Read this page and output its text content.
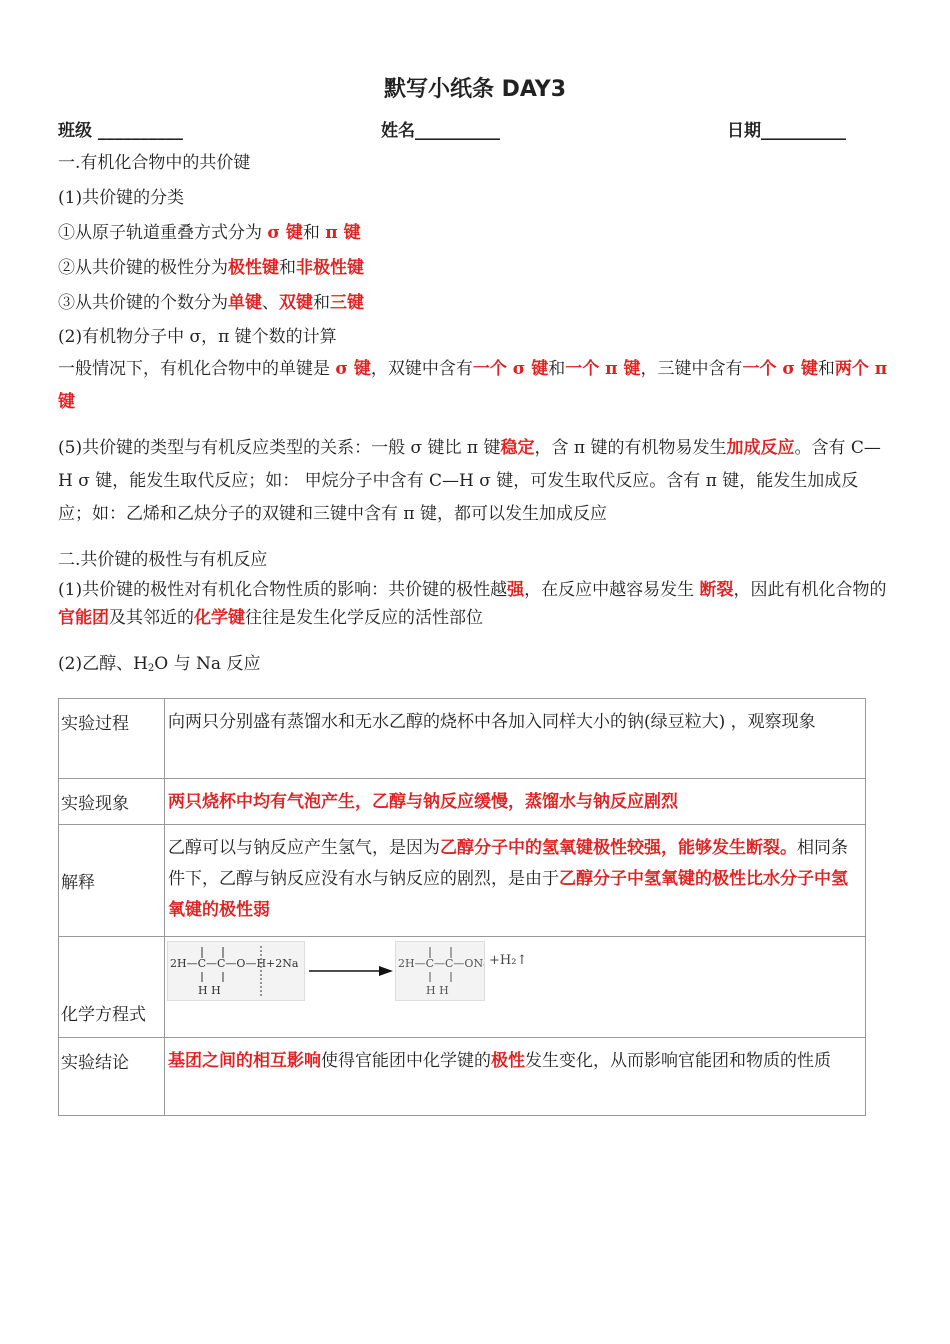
默写小纸条 DAY3
班级 __________	姓名__________	日期__________
一.有机化合物中的共价键
(1)共价键的分类
①从原子轨道重叠方式分为 σ 键和 π 键
②从共价键的极性分为极性键和非极性键
③从共价键的个数分为单键、双键和三键
(2)有机物分子中 σ，π 键个数的计算
一般情况下，有机化合物中的单键是 σ 键，双键中含有一个 σ 键和一个 π 键，三键中含有一个 σ 键和两个 π 键
(5)共价键的类型与有机反应类型的关系：一般 σ 键比 π 键稳定，含 π 键的有机物易发生加成反应。含有 C—H σ 键，能发生取代反应；如： 甲烷分子中含有 C—H σ 键，可发生取代反应。含有 π 键，能发生加成反应；如：乙烯和乙炔分子的双键和三键中含有 π 键，都可以发生加成反应
二.共价键的极性与有机反应
(1)共价键的极性对有机化合物性质的影响：共价键的极性越强，在反应中越容易发生 断裂，因此有机化合物的官能团及其邻近的化学键往往是发生化学反应的活性部位
(2)乙醇、$H_2O$ 与 Na 反应
实验过程	向两只分别盛有蒸馏水和无水乙醇的烧杯中各加入同样大小的钠(绿豆粒大) ，观察现象
实验现象	两只烧杯中均有气泡产生，乙醇与钠反应缓慢，蒸馏水与钠反应剧烈
解释	乙醇可以与钠反应产生氢气，是因为乙醇分子中的氢氧键极性较强，能够发生断裂。相同条件下，乙醇与钠反应没有水与钠反应的剧烈，是由于乙醇分子中氢氧键的极性比水分子中氢氧键的极性弱
化学方程式	2H—C—C—O—H+2Na
H H
2H—C—C—ONa
H H
+H₂↑

实验结论	基团之间的相互影响使得官能团中化学键的极性发生变化，从而影响官能团和物质的性质
